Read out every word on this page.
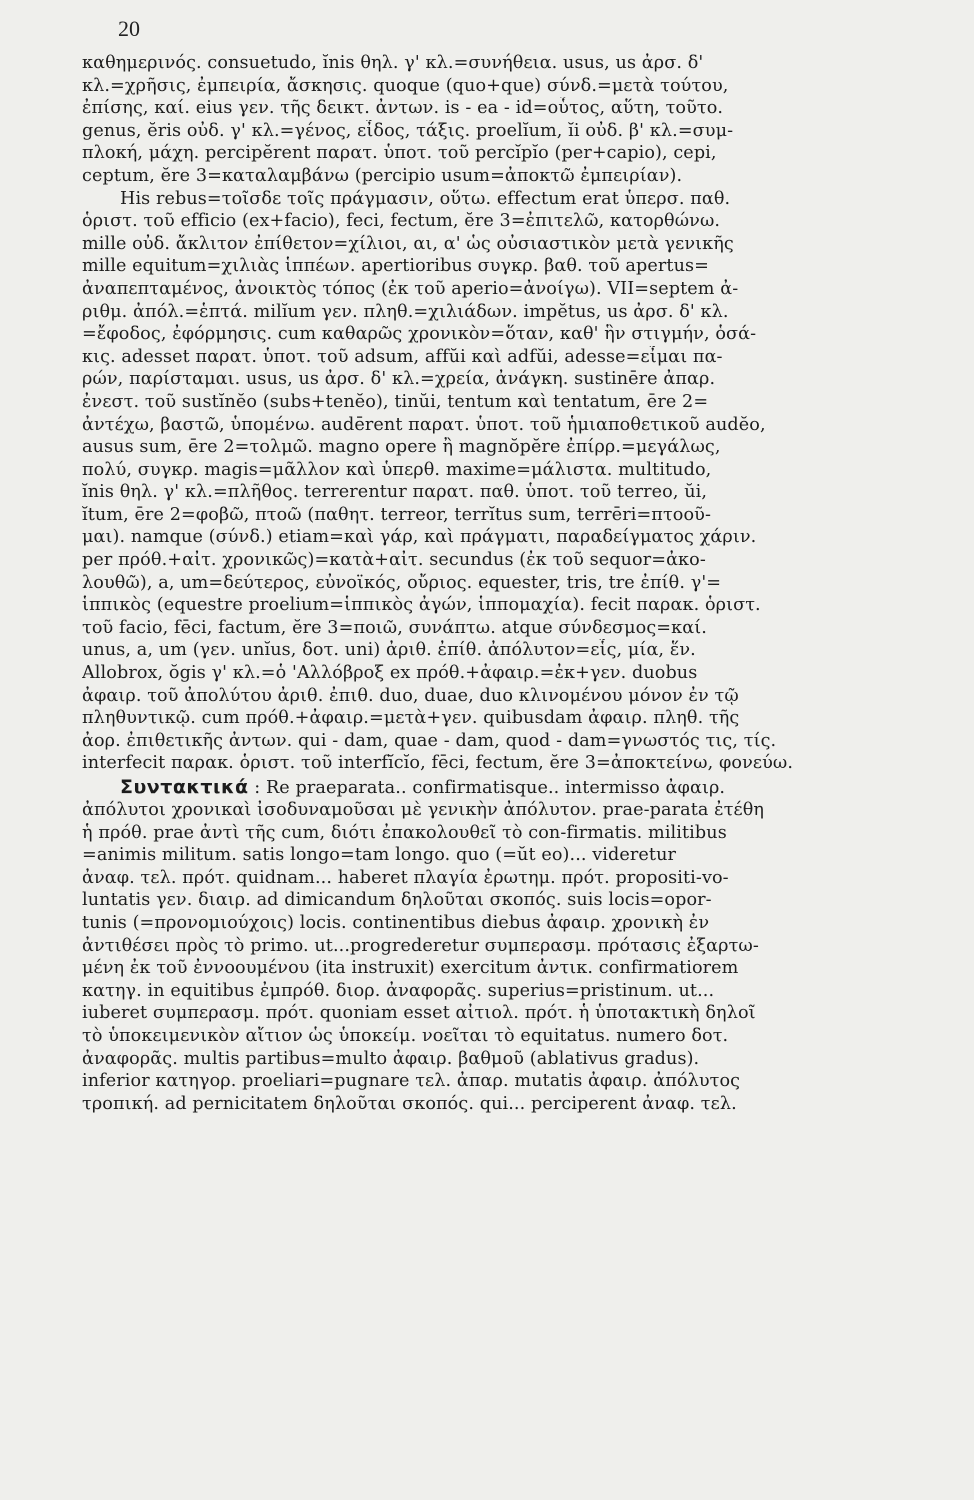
20
καθημερινός. consuetudo, ĭnis θηλ. γ' κλ.=συνήθεια. usus, us ἀρσ. δ'
κλ.=χρῆσις, ἐμπειρία, ἄσκησις. quoque (quo+que) σύνδ.=μετὰ τούτου,
ἐπίσης, καί. eius γεν. τῆς δεικτ. ἀντων. is - ea - id=οὗτος, αὕτη, τοῦτο.
genus, ĕris οὐδ. γ' κλ.=γένος, εἶδος, τάξις. proelĭum, ĭi οὐδ. β' κλ.=συμ-
πλοκή, μάχη. percipĕrent παρατ. ὑποτ. τοῦ percĭpĭo (per+capio), cepi,
ceptum, ĕre 3=καταλαμβάνω (percipio usum=ἀποκτῶ ἐμπειρίαν).
His rebus=τοῖσδε τοῖς πράγμασιν, οὕτω. effectum erat ὑπερσ. παθ.
ὁριστ. τοῦ efficio (ex+facio), feci, fectum, ĕre 3=ἐπιτελῶ, κατορθώνω.
mille οὐδ. ἄκλιτον ἐπίθετον=χίλιοι, αι, α' ὡς οὐσιαστικὸν μετὰ γενικῆς
mille equitum=χιλιὰς ἱππέων. apertioribus συγκρ. βαθ. τοῦ apertus=
ἀναπεπταμένος, ἀνοικτὸς τόπος (ἐκ τοῦ aperio=ἀνοίγω). VII=septem ἀ-
ριθμ. ἀπόλ.=ἑπτά. milĭum γεν. πληθ.=χιλιάδων. impĕtus, us ἀρσ. δ' κλ.
=ἔφοδος, ἐφόρμησις. cum καθαρῶς χρονικὸν=ὅταν, καθ' ἣν στιγμήν, ὁσά-
κις. adesset παρατ. ὑποτ. τοῦ adsum, affŭi καὶ adfŭi, adesse=εἶμαι πα-
ρών, παρίσταμαι. usus, us ἀρσ. δ' κλ.=χρεία, ἀνάγκη. sustinēre ἀπαρ.
ἐνεστ. τοῦ sustĭnĕo (subs+tenĕo), tinŭi, tentum καὶ tentatum, ēre 2=
ἀντέχω, βαστῶ, ὑπομένω. audērent παρατ. ὑποτ. τοῦ ἡμιαποθετικοῦ audĕo,
ausus sum, ēre 2=τολμῶ. magno opere ἢ magnŏpĕre ἐπίρρ.=μεγάλως,
πολύ, συγκρ. magis=μᾶλλον καὶ ὑπερθ. maxime=μάλιστα. multitudo,
ĭnis θηλ. γ' κλ.=πλῆθος. terrerentur παρατ. παθ. ὑποτ. τοῦ terreo, ŭi,
ĭtum, ēre 2=φοβῶ, πτοῶ (παθητ. terreor, terrĭtus sum, terrēri=πτοοῦ-
μαι). namque (σύνδ.) etiam=καὶ γάρ, καὶ πράγματι, παραδείγματος χάριν.
per πρόθ.+αἰτ. χρονικῶς)=κατὰ+αἰτ. secundus (ἐκ τοῦ sequor=ἀκο-
λουθῶ), a, um=δεύτερος, εὐνοϊκός, οὔριος. equester, tris, tre ἐπίθ. γ'=
ἱππικὸς (equestre proelium=ἱππικὸς ἀγών, ἱππομαχία). fecit παρακ. ὁριστ.
τοῦ facio, fēci, factum, ĕre 3=ποιῶ, συνάπτω. atque σύνδεσμος=καί.
unus, a, um (γεν. unĭus, δοτ. uni) ἀριθ. ἐπίθ. ἀπόλυτον=εἷς, μία, ἕν.
Allobrox, ŏgis γ' κλ.=ὁ 'Αλλόβροξ ex πρόθ.+ἀφαιρ.=ἐκ+γεν. duobus
ἀφαιρ. τοῦ ἀπολύτου ἀριθ. ἐπιθ. duo, duae, duo κλινομένου μόνον ἐν τῷ
πληθυντικῷ. cum πρόθ.+ἀφαιρ.=μετὰ+γεν. quibusdam ἀφαιρ. πληθ. τῆς
ἀορ. ἐπιθετικῆς ἀντων. qui - dam, quae - dam, quod - dam=γνωστός τις, τίς.
interfecit παρακ. ὁριστ. τοῦ interfĭcĭo, fēci, fectum, ĕre 3=ἀποκτείνω, φονεύω.
Συντακτικά : Re praeparata.. confirmatisque.. intermisso ἀφαιρ.
ἀπόλυτοι χρονικαὶ ἰσοδυναμοῦσαι μὲ γενικὴν ἀπόλυτον. prae-parata ἐτέθη
ἡ πρόθ. prae ἀντὶ τῆς cum, διότι ἐπακολουθεῖ τὸ con-firmatis. militibus
=animis militum. satis longo=tam longo. quo (=ŭt eo)... videretur
ἀναφ. τελ. πρότ. quidnam... haberet πλαγία ἐρωτημ. πρότ. propositi-vo-
luntatis γεν. διαιρ. ad dimicandum δηλοῦται σκοπός. suis locis=opor-
tunis (=προνομιούχοις) locis. continentibus diebus ἀφαιρ. χρονικὴ ἐν
ἀντιθέσει πρὸς τὸ primo. ut...progrederetur συμπερασμ. πρότασις ἐξαρτω-
μένη ἐκ τοῦ ἐννοουμένου (ita instruxit) exercitum ἀντικ. confirmatiorem
κατηγ. in equitibus ἐμπρόθ. διορ. ἀναφορᾶς. superius=pristinum. ut...
iuberet συμπερασμ. πρότ. quoniam esset αἰτιολ. πρότ. ἡ ὑποτακτικὴ δηλοῖ
τὸ ὑποκειμενικὸν αἴτιον ὡς ὑποκείμ. νοεῖται τὸ equitatus. numero δοτ.
ἀναφορᾶς. multis partibus=multo ἀφαιρ. βαθμοῦ (ablativus gradus).
inferior κατηγορ. proeliari=pugnare τελ. ἀπαρ. mutatis ἀφαιρ. ἀπόλυτος
τροπική. ad pernicitatem δηλοῦται σκοπός. qui... perciperent ἀναφ. τελ.
